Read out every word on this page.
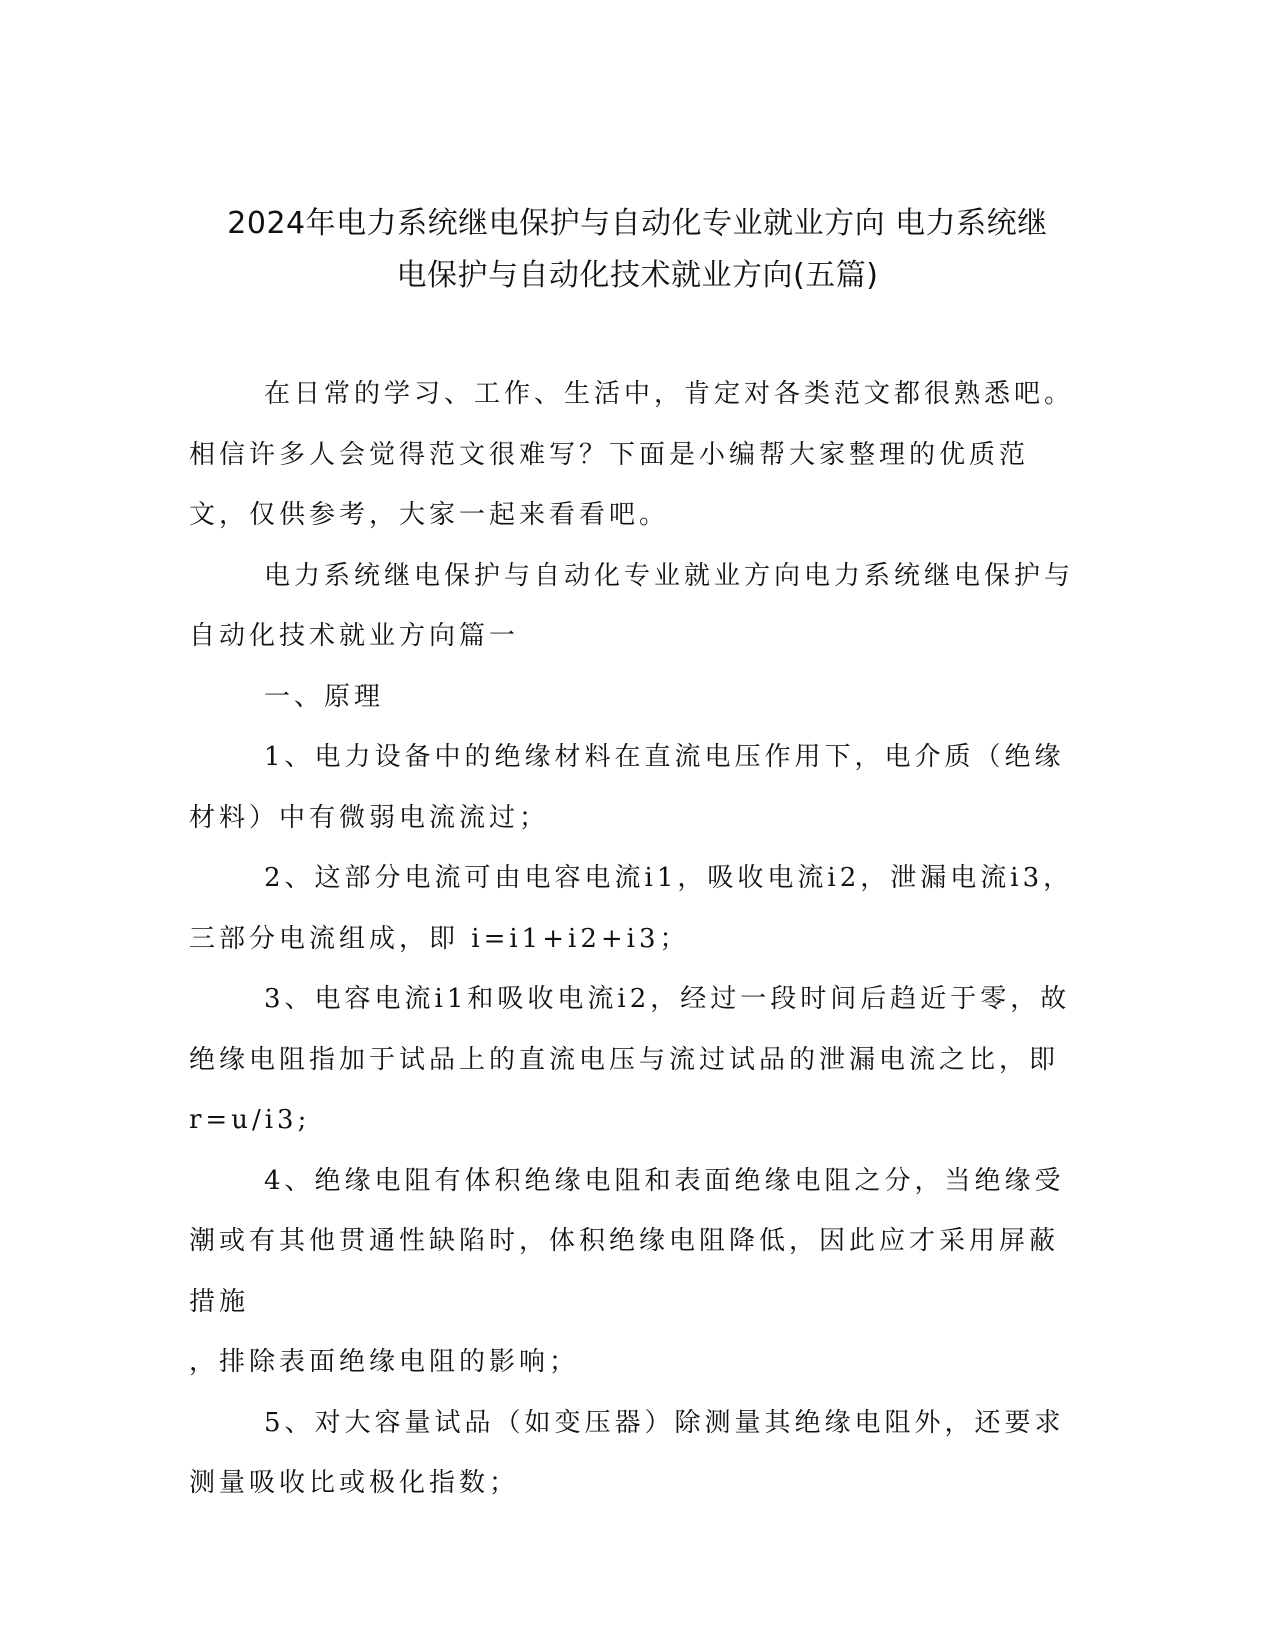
2024年电力系统继电保护与自动化专业就业方向 电力系统继
电保护与自动化技术就业方向(五篇)

在日常的学习、工作、生活中，肯定对各类范文都很熟悉吧。相信许多人会觉得范文很难写？下面是小编帮大家整理的优质范文，仅供参考，大家一起来看看吧。

电力系统继电保护与自动化专业就业方向电力系统继电保护与自动化技术就业方向篇一

一、原理

1、电力设备中的绝缘材料在直流电压作用下，电介质（绝缘材料）中有微弱电流流过；

2、这部分电流可由电容电流i1，吸收电流i2，泄漏电流i3，三部分电流组成，即 i=i1+i2+i3；

3、电容电流i1和吸收电流i2，经过一段时间后趋近于零，故绝缘电阻指加于试品上的直流电压与流过试品的泄漏电流之比，即

r=u/i3;

4、绝缘电阻有体积绝缘电阻和表面绝缘电阻之分，当绝缘受潮或有其他贯通性缺陷时，体积绝缘电阻降低，因此应才采用屏蔽措施

，排除表面绝缘电阻的影响；

5、对大容量试品（如变压器）除测量其绝缘电阻外，还要求测量吸收比或极化指数；
